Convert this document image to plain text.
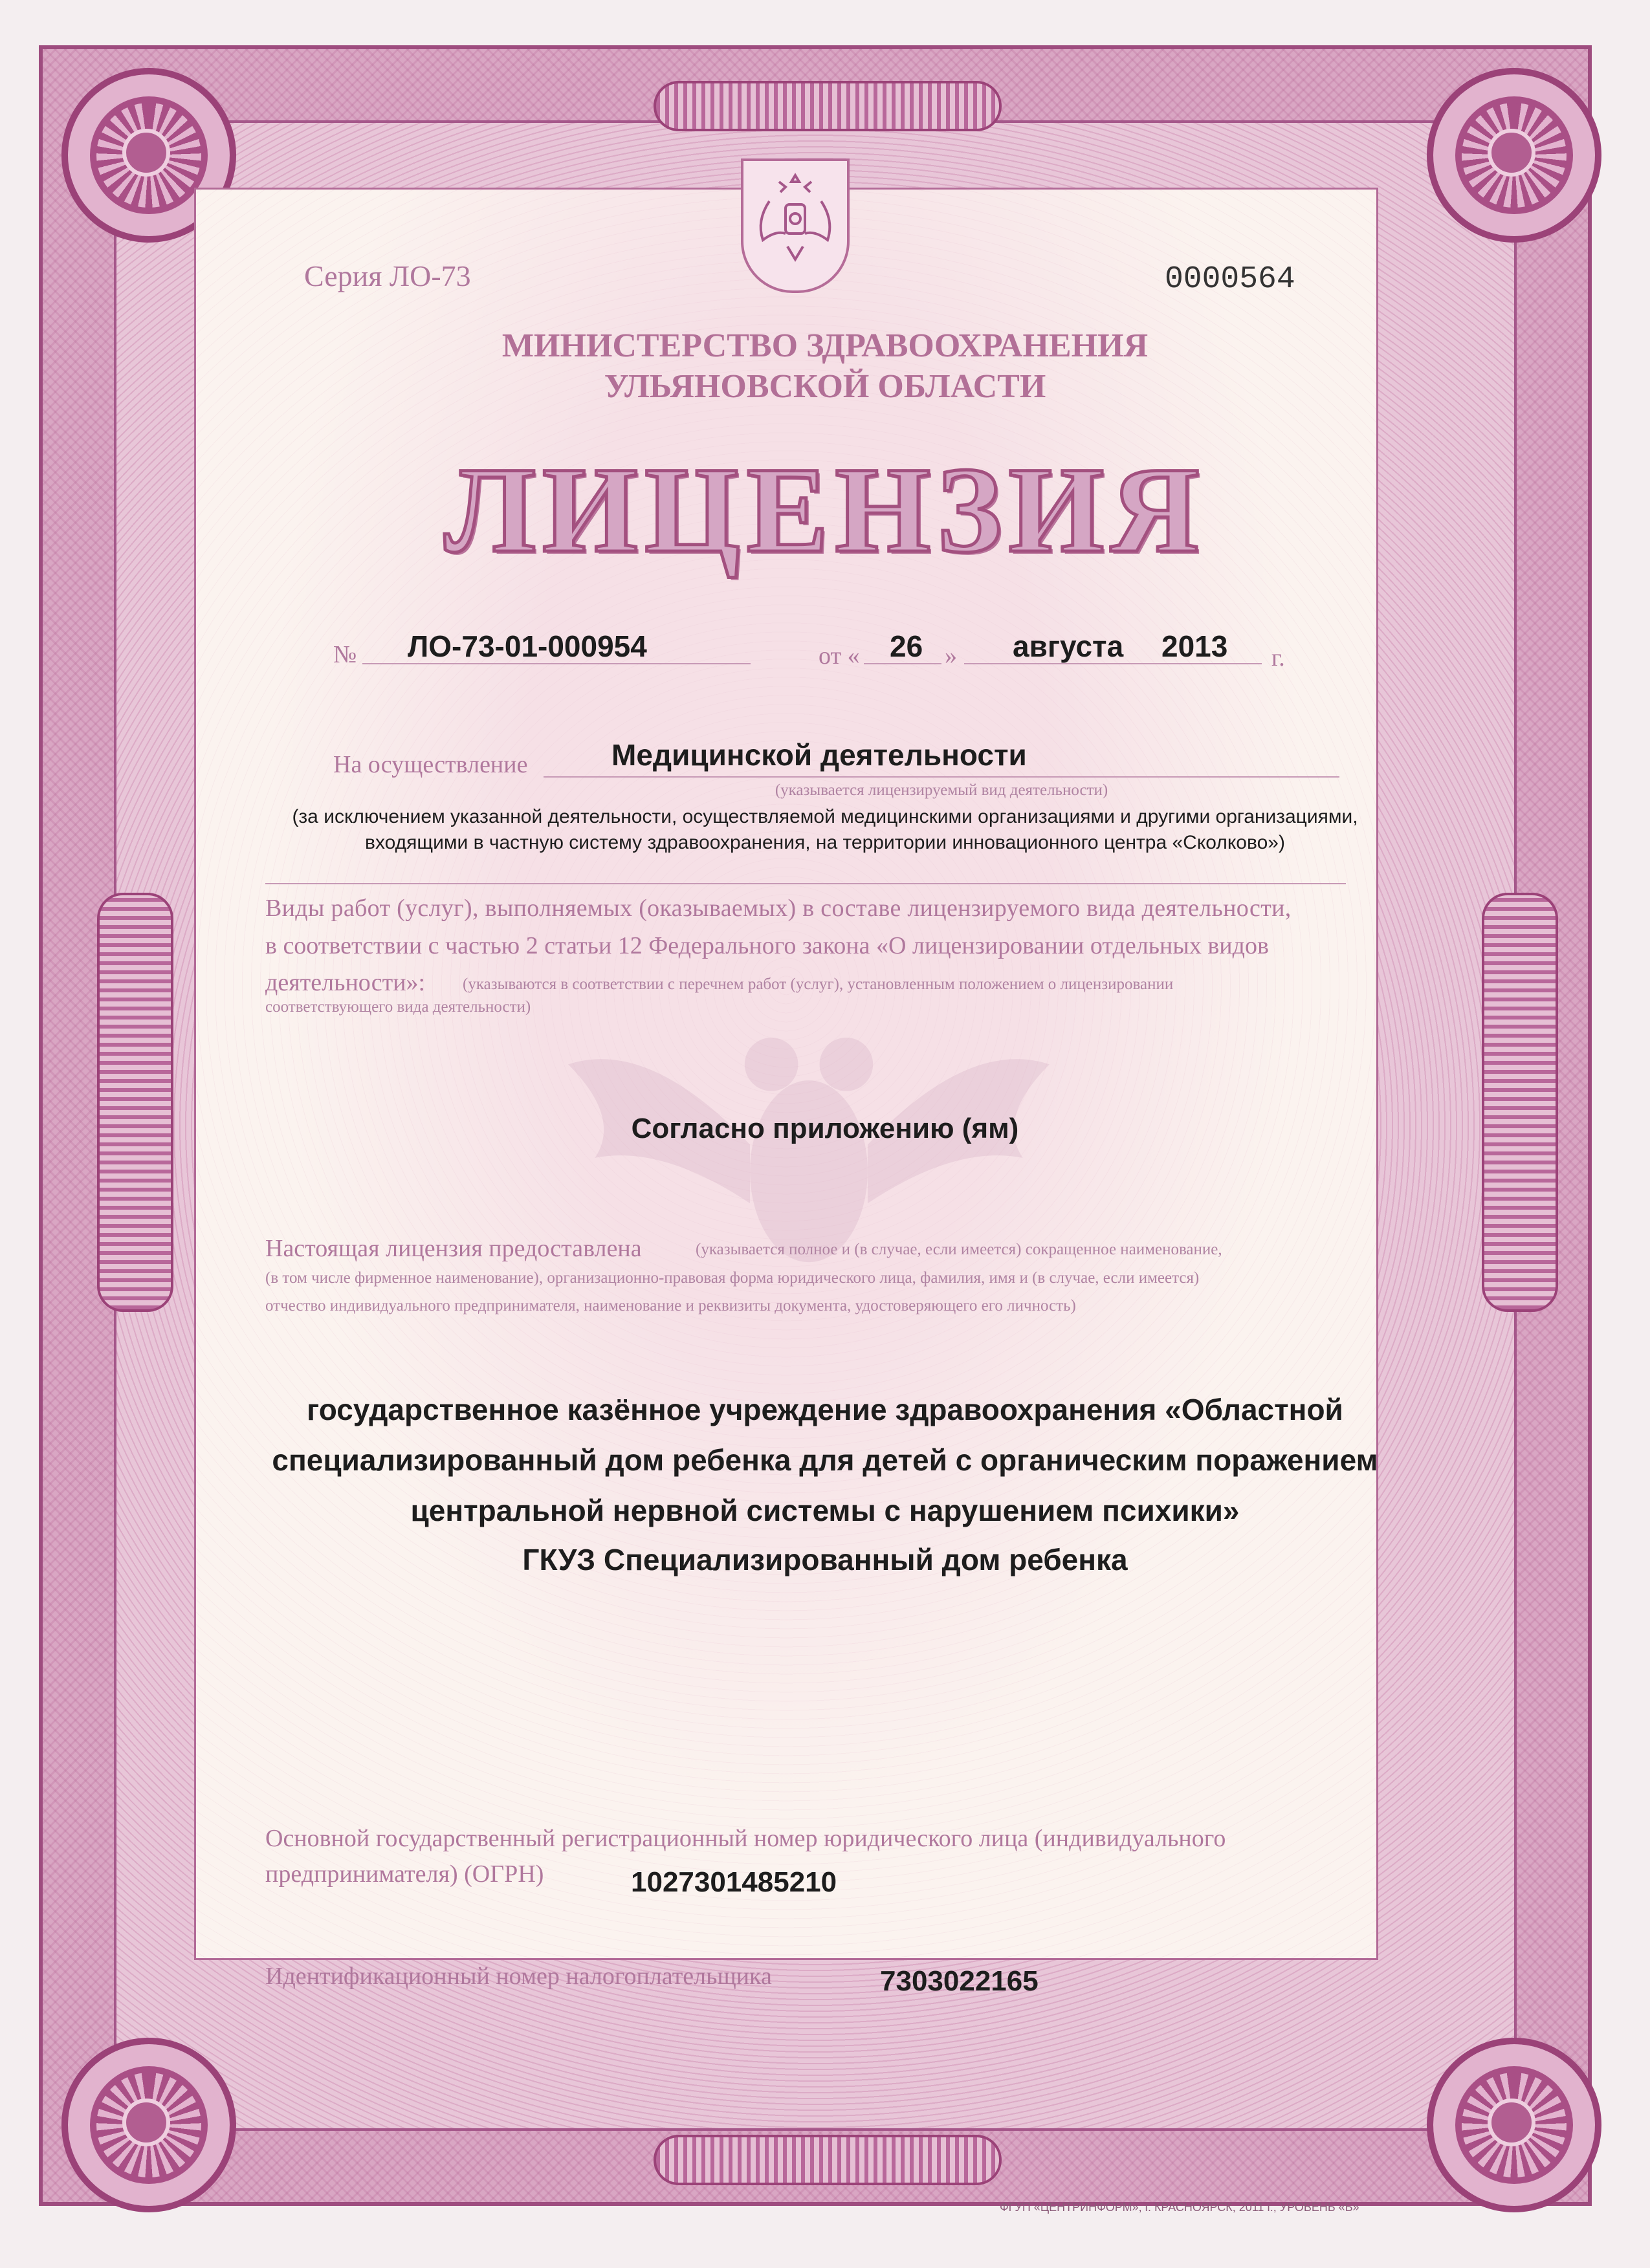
Серия ЛО-73	0000564
МИНИСТЕРСТВО ЗДРАВООХРАНЕНИЯ
УЛЬЯНОВСКОЙ ОБЛАСТИ
ЛИЦЕНЗИЯ
№ ЛО-73-01-000954	от « 26 » августа 2013 г.
На осуществление	Медицинской деятельности
(указывается лицензируемый вид деятельности)
(за исключением указанной деятельности, осуществляемой медицинскими организациями и другими организациями,
входящими в частную систему здравоохранения, на территории инновационного центра «Сколково»)
Виды работ (услуг), выполняемых (оказываемых) в составе лицензируемого вида деятельности,
в соответствии с частью 2 статьи 12 Федерального закона «О лицензировании отдельных видов
деятельности»: (указываются в соответствии с перечнем работ (услуг), установленным положением о лицензировании
соответствующего вида деятельности)
Согласно приложению (ям)
Настоящая лицензия предоставлена	(указывается полное и (в случае, если имеется) сокращенное наименование,
(в том числе фирменное наименование), организационно-правовая форма юридического лица, фамилия, имя и (в случае, если имеется)
отчество индивидуального предпринимателя, наименование и реквизиты документа, удостоверяющего его личность)
государственное казённое учреждение здравоохранения «Областной
специализированный дом ребенка для детей с органическим поражением
центральной нервной системы с нарушением психики»
ГКУЗ Специализированный дом ребенка
Основной государственный регистрационный номер юридического лица (индивидуального
предпринимателя) (ОГРН)	1027301485210
Идентификационный номер налогоплательщика	7303022165
ФГУП «ЦЕНТРИНФОРМ», г. КРАСНОЯРСК, 2011 г., УРОВЕНЬ «Б»
